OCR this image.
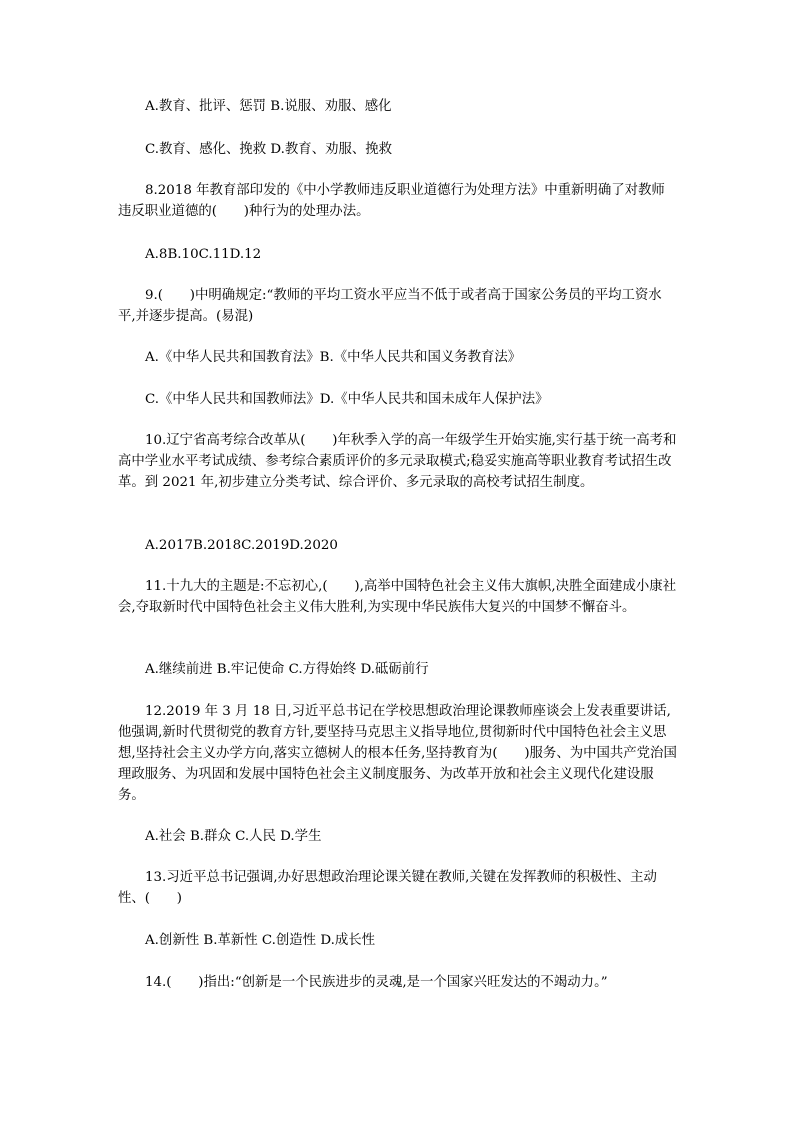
A.教育、批评、惩罚 B.说服、劝服、感化

C.教育、感化、挽救 D.教育、劝服、挽救

8.2018 年教育部印发的《中小学教师违反职业道德行为处理方法》中重新明确了对教师违反职业道德的(　　)种行为的处理办法。

A.8B.10C.11D.12

9.(　　)中明确规定:“教师的平均工资水平应当不低于或者高于国家公务员的平均工资水平,并逐步提高。(易混)

A.《中华人民共和国教育法》B.《中华人民共和国义务教育法》

C.《中华人民共和国教师法》D.《中华人民共和国未成年人保护法》

10.辽宁省高考综合改革从(　　)年秋季入学的高一年级学生开始实施,实行基于统一高考和高中学业水平考试成绩、参考综合素质评价的多元录取模式;稳妥实施高等职业教育考试招生改革。到 2021 年,初步建立分类考试、综合评价、多元录取的高校考试招生制度。

A.2017B.2018C.2019D.2020

11.十九大的主题是:不忘初心,(　　),高举中国特色社会主义伟大旗帜,决胜全面建成小康社会,夺取新时代中国特色社会主义伟大胜利,为实现中华民族伟大复兴的中国梦不懈奋斗。

A.继续前进 B.牢记使命 C.方得始终 D.砥砺前行

12.2019 年 3 月 18 日,习近平总书记在学校思想政治理论课教师座谈会上发表重要讲话,他强调,新时代贯彻党的教育方针,要坚持马克思主义指导地位,贯彻新时代中国特色社会主义思想,坚持社会主义办学方向,落实立德树人的根本任务,坚持教育为(　　)服务、为中国共产党治国理政服务、为巩固和发展中国特色社会主义制度服务、为改革开放和社会主义现代化建设服务。

A.社会 B.群众 C.人民 D.学生

13.习近平总书记强调,办好思想政治理论课关键在教师,关键在发挥教师的积极性、主动性、(　　)

A.创新性 B.革新性 C.创造性 D.成长性

14.(　　)指出:“创新是一个民族进步的灵魂,是一个国家兴旺发达的不竭动力。”
